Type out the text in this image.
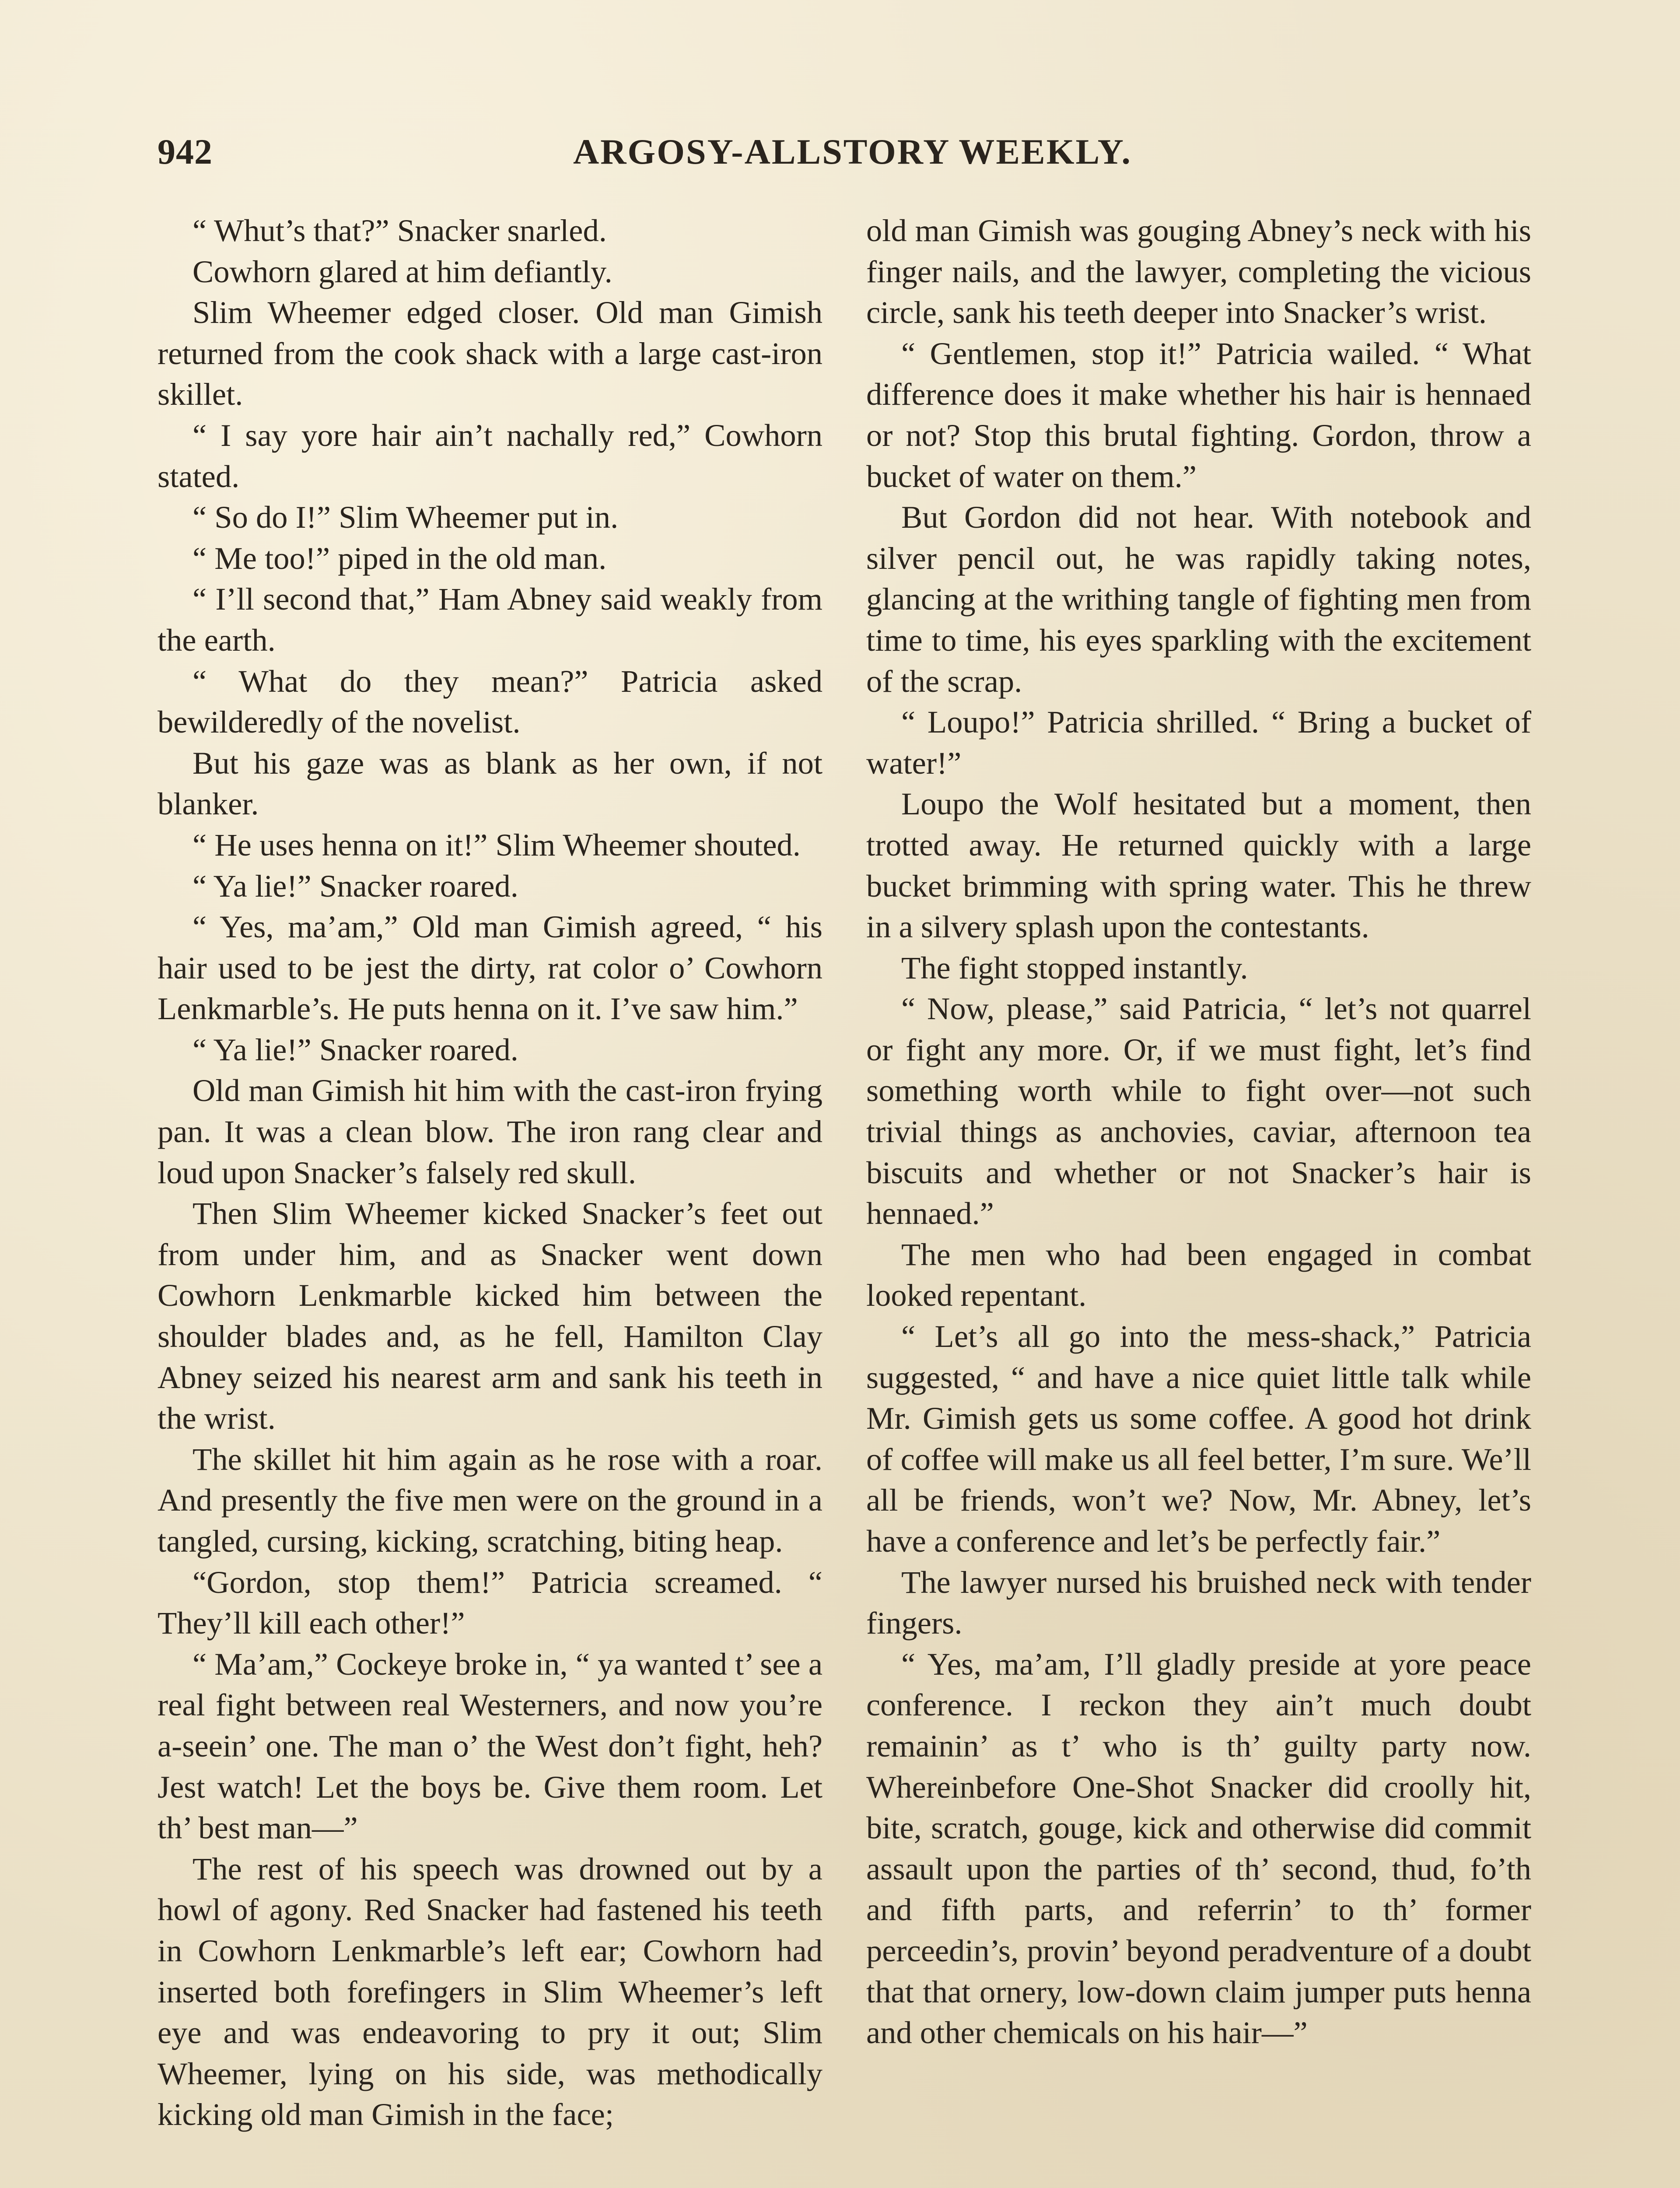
942	ARGOSY-ALLSTORY WEEKLY.

“ Whut’s that?” Snacker snarled.

Cowhorn glared at him defiantly.

Slim Wheemer edged closer. Old man Gimish returned from the cook shack with a large cast-iron skillet.

“ I say yore hair ain’t nachally red,” Cowhorn stated.

“ So do I!” Slim Wheemer put in.

“ Me too!” piped in the old man.

“ I’ll second that,” Ham Abney said weakly from the earth.

“ What do they mean?” Patricia asked bewilderedly of the novelist.

But his gaze was as blank as her own, if not blanker.

“ He uses henna on it!” Slim Wheemer shouted.

“ Ya lie!” Snacker roared.

“ Yes, ma’am,” Old man Gimish agreed, “ his hair used to be jest the dirty, rat color o’ Cowhorn Lenkmarble’s. He puts henna on it. I’ve saw him.”

“ Ya lie!” Snacker roared.

Old man Gimish hit him with the cast-iron frying pan. It was a clean blow. The iron rang clear and loud upon Snacker’s falsely red skull.

Then Slim Wheemer kicked Snacker’s feet out from under him, and as Snacker went down Cowhorn Lenkmarble kicked him between the shoulder blades and, as he fell, Hamilton Clay Abney seized his nearest arm and sank his teeth in the wrist.

The skillet hit him again as he rose with a roar. And presently the five men were on the ground in a tangled, cursing, kicking, scratching, biting heap.

“Gordon, stop them!” Patricia screamed. “ They’ll kill each other!”

“ Ma’am,” Cockeye broke in, “ ya wanted t’ see a real fight between real Westerners, and now you’re a-seein’ one. The man o’ the West don’t fight, heh? Jest watch! Let the boys be. Give them room. Let th’ best man—”

The rest of his speech was drowned out by a howl of agony. Red Snacker had fastened his teeth in Cowhorn Lenkmarble’s left ear; Cowhorn had inserted both forefingers in Slim Wheemer’s left eye and was endeavoring to pry it out; Slim Wheemer, lying on his side, was methodically kicking old man Gimish in the face;

old man Gimish was gouging Abney’s neck with his finger nails, and the lawyer, completing the vicious circle, sank his teeth deeper into Snacker’s wrist.

“ Gentlemen, stop it!” Patricia wailed. “ What difference does it make whether his hair is hennaed or not? Stop this brutal fighting. Gordon, throw a bucket of water on them.”

But Gordon did not hear. With notebook and silver pencil out, he was rapidly taking notes, glancing at the writhing tangle of fighting men from time to time, his eyes sparkling with the excitement of the scrap.

“ Loupo!” Patricia shrilled. “ Bring a bucket of water!”

Loupo the Wolf hesitated but a moment, then trotted away. He returned quickly with a large bucket brimming with spring water. This he threw in a silvery splash upon the contestants.

The fight stopped instantly.

“ Now, please,” said Patricia, “ let’s not quarrel or fight any more. Or, if we must fight, let’s find something worth while to fight over—not such trivial things as anchovies, caviar, afternoon tea biscuits and whether or not Snacker’s hair is hennaed.”

The men who had been engaged in combat looked repentant.

“ Let’s all go into the mess-shack,” Patricia suggested, “ and have a nice quiet little talk while Mr. Gimish gets us some coffee. A good hot drink of coffee will make us all feel better, I’m sure. We’ll all be friends, won’t we? Now, Mr. Abney, let’s have a conference and let’s be perfectly fair.”

The lawyer nursed his bruished neck with tender fingers.

“ Yes, ma’am, I’ll gladly preside at yore peace conference. I reckon they ain’t much doubt remainin’ as t’ who is th’ guilty party now. Whereinbefore One-Shot Snacker did croolly hit, bite, scratch, gouge, kick and otherwise did commit assault upon the parties of th’ second, thud, fo’th and fifth parts, and referrin’ to th’ former perceedin’s, provin’ beyond peradventure of a doubt that that ornery, low-down claim jumper puts henna and other chemicals on his hair—”
